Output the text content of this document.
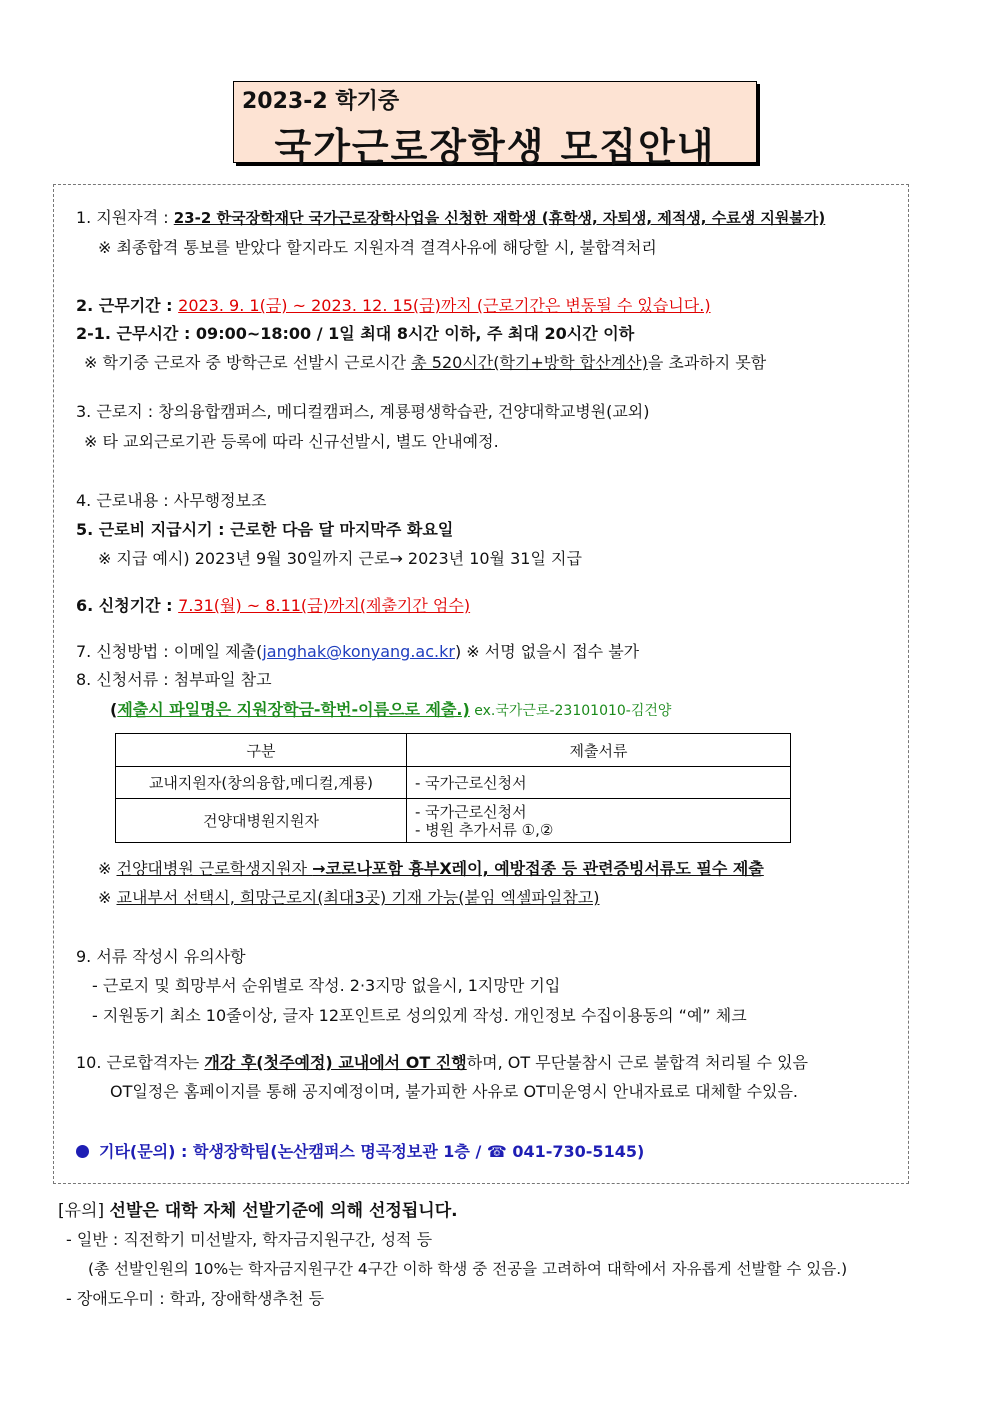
2023-2 학기중
국가근로장학생 모집안내
1. 지원자격 : 23-2 한국장학재단 국가근로장학사업을 신청한 재학생 (휴학생, 자퇴생, 제적생, 수료생 지원불가)
※ 최종합격 통보를 받았다 할지라도 지원자격 결격사유에 해당할 시, 불합격처리
2. 근무기간 : 2023. 9. 1(금) ~ 2023. 12. 15(금)까지 (근로기간은 변동될 수 있습니다.)
2-1. 근무시간 : 09:00~18:00 / 1일 최대 8시간 이하, 주 최대 20시간 이하
※ 학기중 근로자 중 방학근로 선발시 근로시간 총 520시간(학기+방학 합산계산)을 초과하지 못함
3. 근로지 : 창의융합캠퍼스, 메디컬캠퍼스, 계룡평생학습관, 건양대학교병원(교외)
※ 타 교외근로기관 등록에 따라 신규선발시, 별도 안내예정.
4. 근로내용 : 사무행정보조
5. 근로비 지급시기 : 근로한 다음 달 마지막주 화요일
※ 지급 예시) 2023년 9월 30일까지 근로→ 2023년 10월 31일 지급
6. 신청기간 : 7.31(월) ~ 8.11(금)까지(제출기간 엄수)
7. 신청방법 : 이메일 제출(janghak@konyang.ac.kr) ※ 서명 없을시 접수 불가
8. 신청서류 : 첨부파일 참고
(제출시 파일명은 지원장학금-학번-이름으로 제출.) ex.국가근로-23101010-김건양
구분	제출서류
교내지원자(창의융합,메디컬,계룡)	- 국가근로신청서
건양대병원지원자	- 국가근로신청서
- 병원 추가서류 ①,②
※ 건양대병원 근로학생지원자 →코로나포함 흉부X레이, 예방접종 등 관련증빙서류도 필수 제출
※ 교내부서 선택시, 희망근로지(최대3곳) 기재 가능(붙임 엑셀파일참고)
9. 서류 작성시 유의사항
- 근로지 및 희망부서 순위별로 작성. 2·3지망 없을시, 1지망만 기입
- 지원동기 최소 10줄이상, 글자 12포인트로 성의있게 작성. 개인정보 수집이용동의 “예” 체크
10. 근로합격자는 개강 후(첫주예정) 교내에서 OT 진행하며, OT 무단불참시 근로 불합격 처리될 수 있음
OT일정은 홈페이지를 통해 공지예정이며, 불가피한 사유로 OT미운영시 안내자료로 대체할 수있음.
기타(문의) : 학생장학팀(논산캠퍼스 명곡정보관 1층 / ☎ 041-730-5145)
[유의] 선발은 대학 자체 선발기준에 의해 선정됩니다.
- 일반 : 직전학기 미선발자, 학자금지원구간, 성적 등
(총 선발인원의 10%는 학자금지원구간 4구간 이하 학생 중 전공을 고려하여 대학에서 자유롭게 선발할 수 있음.)
- 장애도우미 : 학과, 장애학생추천 등
